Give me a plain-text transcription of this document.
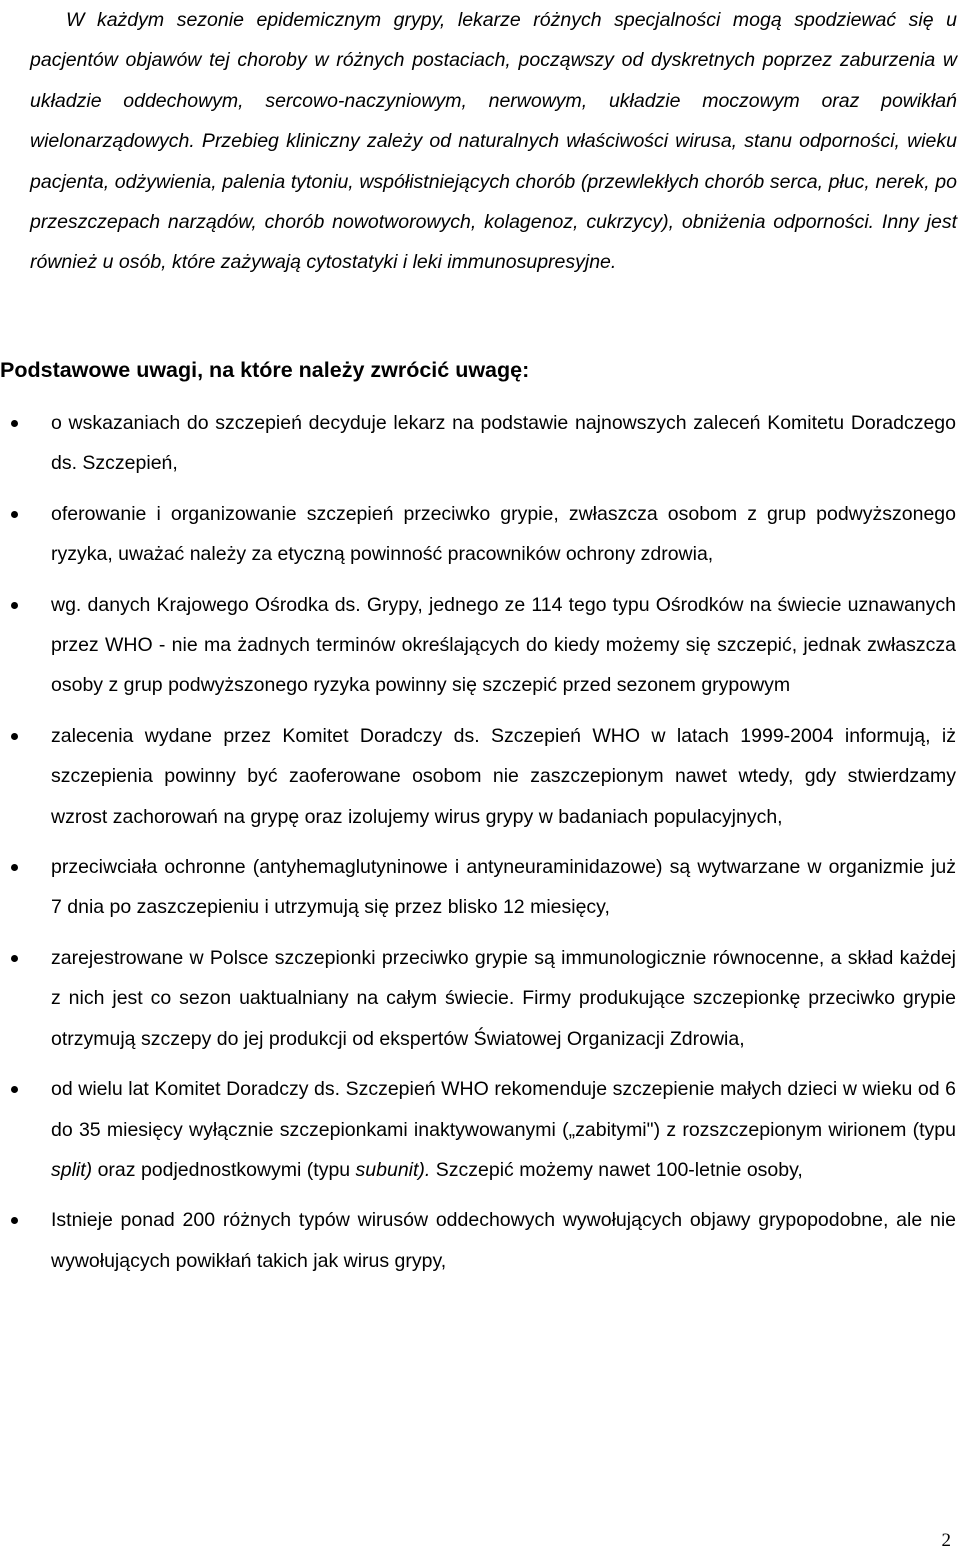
W każdym sezonie epidemicznym grypy, lekarze różnych specjalności mogą spodziewać się u pacjentów objawów tej choroby w różnych postaciach, począwszy od dyskretnych poprzez zaburzenia w układzie oddechowym, sercowo-naczyniowym, nerwowym, układzie moczowym oraz powikłań wielonarządowych. Przebieg kliniczny zależy od naturalnych właściwości wirusa, stanu odporności, wieku pacjenta, odżywienia, palenia tytoniu, współistniejących chorób (przewlekłych chorób serca, płuc, nerek, po przeszczepach narządów, chorób nowotworowych, kolagenoz, cukrzycy), obniżenia odporności. Inny jest również u osób, które zażywają cytostatyki i leki immunosupresyjne.

Podstawowe uwagi, na które należy zwrócić uwagę:
o wskazaniach do szczepień decyduje lekarz na podstawie najnowszych zaleceń Komitetu Doradczego ds. Szczepień,
oferowanie i organizowanie szczepień przeciwko grypie, zwłaszcza osobom z grup podwyższonego ryzyka, uważać należy za etyczną powinność pracowników ochrony zdrowia,
wg. danych Krajowego Ośrodka ds. Grypy, jednego ze 114 tego typu Ośrodków na świecie uznawanych przez WHO - nie ma żadnych terminów określających do kiedy możemy się szczepić, jednak zwłaszcza osoby z grup podwyższonego ryzyka powinny się szczepić przed sezonem grypowym
zalecenia wydane przez Komitet Doradczy ds. Szczepień WHO w latach 1999-2004 informują, iż szczepienia powinny być zaoferowane osobom nie zaszczepionym nawet wtedy, gdy stwierdzamy wzrost zachorowań na grypę oraz izolujemy wirus grypy w badaniach populacyjnych,
przeciwciała ochronne (antyhemaglutyninowe i antyneuraminidazowe) są wytwarzane w organizmie już 7 dnia po zaszczepieniu i utrzymują się przez blisko 12 miesięcy,
zarejestrowane w Polsce szczepionki przeciwko grypie są immunologicznie równocenne, a skład każdej z nich jest co sezon uaktualniany na całym świecie. Firmy produkujące szczepionkę przeciwko grypie otrzymują szczepy do jej produkcji od ekspertów Światowej Organizacji Zdrowia,
od wielu lat Komitet Doradczy ds. Szczepień WHO rekomenduje szczepienie małych dzieci w wieku od 6 do 35 miesięcy wyłącznie szczepionkami inaktywowanymi („zabitymi") z rozszczepionym wirionem (typu split) oraz podjednostkowymi (typu subunit). Szczepić możemy nawet 100-letnie osoby,
Istnieje ponad 200 różnych typów wirusów oddechowych wywołujących objawy grypopodobne, ale nie wywołujących powikłań takich jak wirus grypy,
2
